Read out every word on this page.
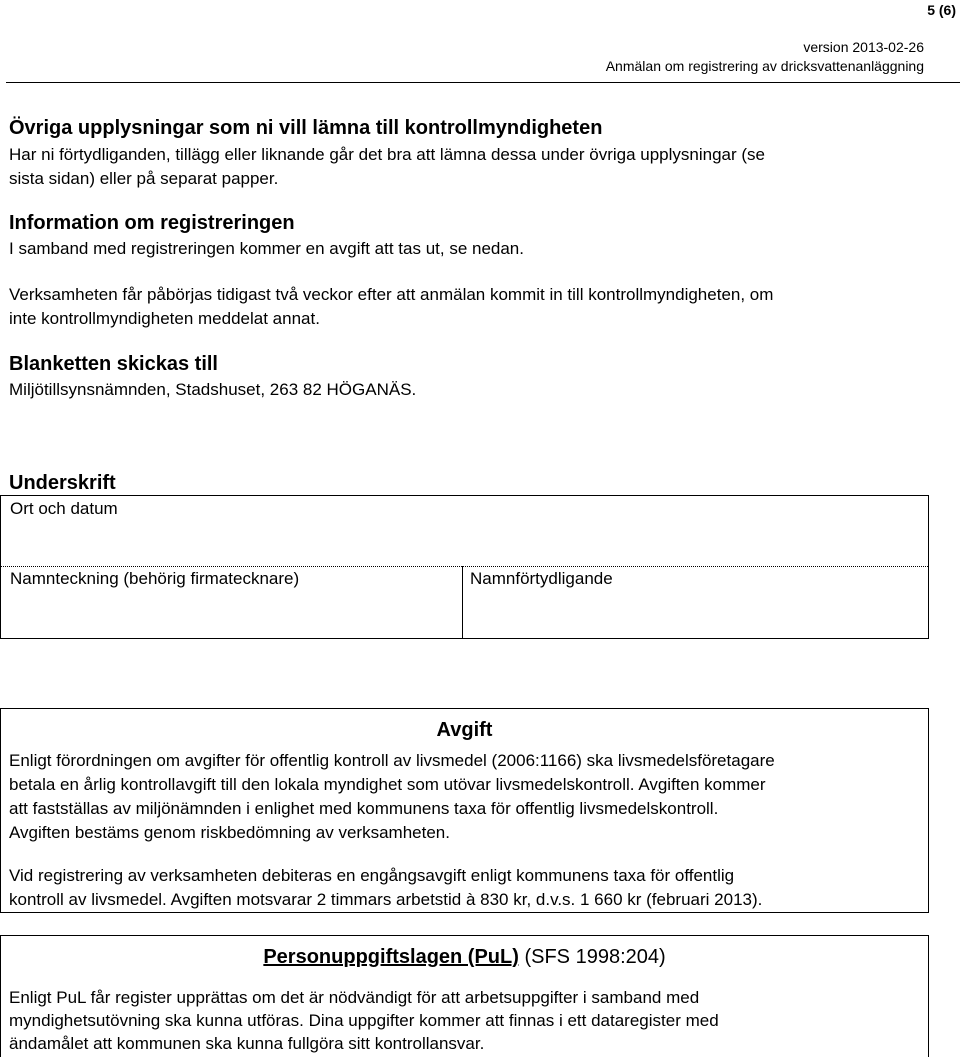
5 (6)
version 2013-02-26
Anmälan om registrering av dricksvattenanläggning
Övriga upplysningar som ni vill lämna till kontrollmyndigheten
Har ni förtydliganden, tillägg eller liknande går det bra att lämna dessa under övriga upplysningar (se
sista sidan) eller på separat papper.
Information om registreringen
I samband med registreringen kommer en avgift att tas ut, se nedan.
Verksamheten får påbörjas tidigast två veckor efter att anmälan kommit in till kontrollmyndigheten, om
inte kontrollmyndigheten meddelat annat.
Blanketten skickas till
Miljötillsynsnämnden, Stadshuset, 263 82 HÖGANÄS.
Underskrift
Ort och datum
Namnteckning (behörig firmatecknare)	Namnförtydligande
Avgift
Enligt förordningen om avgifter för offentlig kontroll av livsmedel (2006:1166) ska livsmedelsföretagare
betala en årlig kontrollavgift till den lokala myndighet som utövar livsmedelskontroll. Avgiften kommer
att fastställas av miljönämnden i enlighet med kommunens taxa för offentlig livsmedelskontroll.
Avgiften bestäms genom riskbedömning av verksamheten.
Vid registrering av verksamheten debiteras en engångsavgift enligt kommunens taxa för offentlig
kontroll av livsmedel. Avgiften motsvarar 2 timmars arbetstid à 830 kr, d.v.s. 1 660 kr (februari 2013).
Personuppgiftslagen (PuL) (SFS 1998:204)
Enligt PuL får register upprättas om det är nödvändigt för att arbetsuppgifter i samband med
myndighetsutövning ska kunna utföras. Dina uppgifter kommer att finnas i ett dataregister med
ändamålet att kommunen ska kunna fullgöra sitt kontrollansvar.
